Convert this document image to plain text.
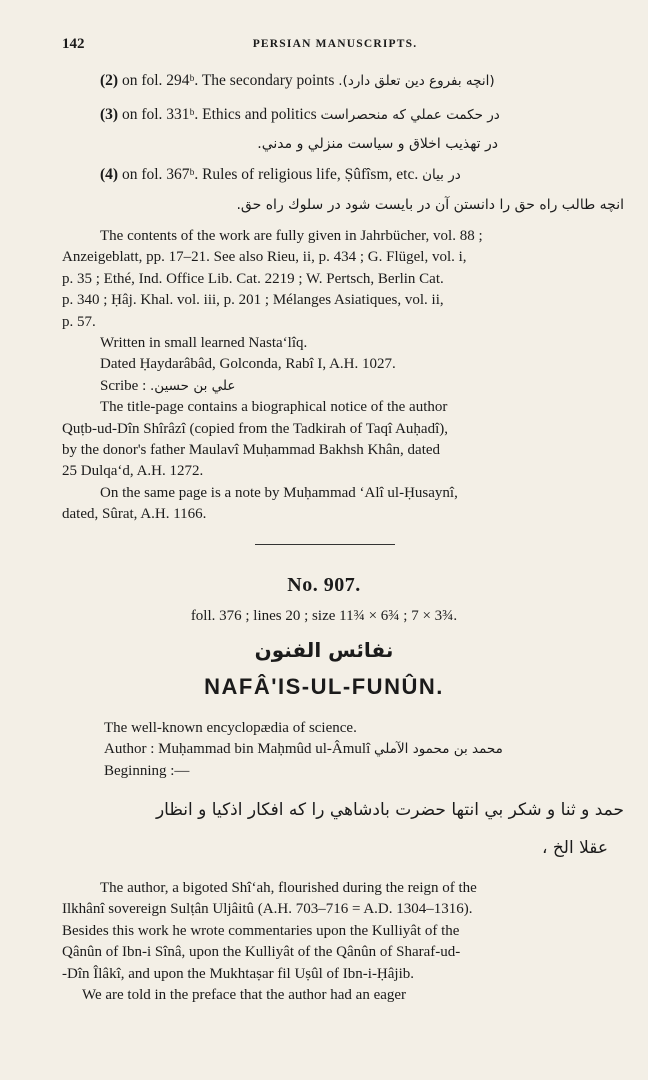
142	PERSIAN MANUSCRIPTS.
(2) on fol. 294ᵇ. The secondary points (انچه بفروع دين تعلق دارد).
(3) on fol. 331ᵇ. Ethics and politics در حكمت عملي كه منحصراست
در تهذيب اخلاق و سياست منزلي و مدني.
(4) on fol. 367ᵇ. Rules of religious life, Ṣûfîsm, etc. در بيان
انچه طالب راه حق را دانستن آن در بايست شود در سلوك راه حق.
The contents of the work are fully given in Jahrbücher, vol. 88 ;
Anzeigeblatt, pp. 17–21. See also Rieu, ii, p. 434 ; G. Flügel, vol. i,
p. 35 ; Ethé, Ind. Office Lib. Cat. 2219 ; W. Pertsch, Berlin Cat.
p. 340 ; Ḥâj. Khal. vol. iii, p. 201 ; Mélanges Asiatiques, vol. ii,
p. 57.
Written in small learned Nasta‘lîq.
Dated Ḥaydarâbâd, Golconda, Rabî I, A.H. 1027.
Scribe : علي بن حسين.
The title-page contains a biographical notice of the author
Quṭb-ud-Dîn Shîrâzî (copied from the Tadkirah of Taqî Auḥadî),
by the donor's father Maulavî Muḥammad Bakhsh Khân, dated
25 Dulqa‘d, A.H. 1272.
On the same page is a note by Muḥammad ‘Alî ul-Ḥusaynî,
dated, Sûrat, A.H. 1166.
No. 907.
foll. 376 ; lines 20 ; size 11¾ × 6¾ ; 7 × 3¾.
نفائس الفنون
NAFÂ'IS-UL-FUNÛN.
The well-known encyclopædia of science.
Author : Muḥammad bin Maḥmûd ul-Âmulî محمد بن محمود الآملي
Beginning :—
حمد و ثنا و شكر بي انتها حضرت بادشاهي را كه افكار اذكيا و انظار
عقلا الخ ،
The author, a bigoted Shî‘ah, flourished during the reign of the
Ilkhânî sovereign Sulṭân Uljâitû (A.H. 703–716 = A.D. 1304–1316).
Besides this work he wrote commentaries upon the Kulliyât of the
Qânûn of Ibn-i Sînâ, upon the Kulliyât of the Qânûn of Sharaf-ud-
-Dîn Îlâkî, and upon the Mukhtaṣar fil Uṣûl of Ibn-i-Ḥâjib.
We are told in the preface that the author had an eager
